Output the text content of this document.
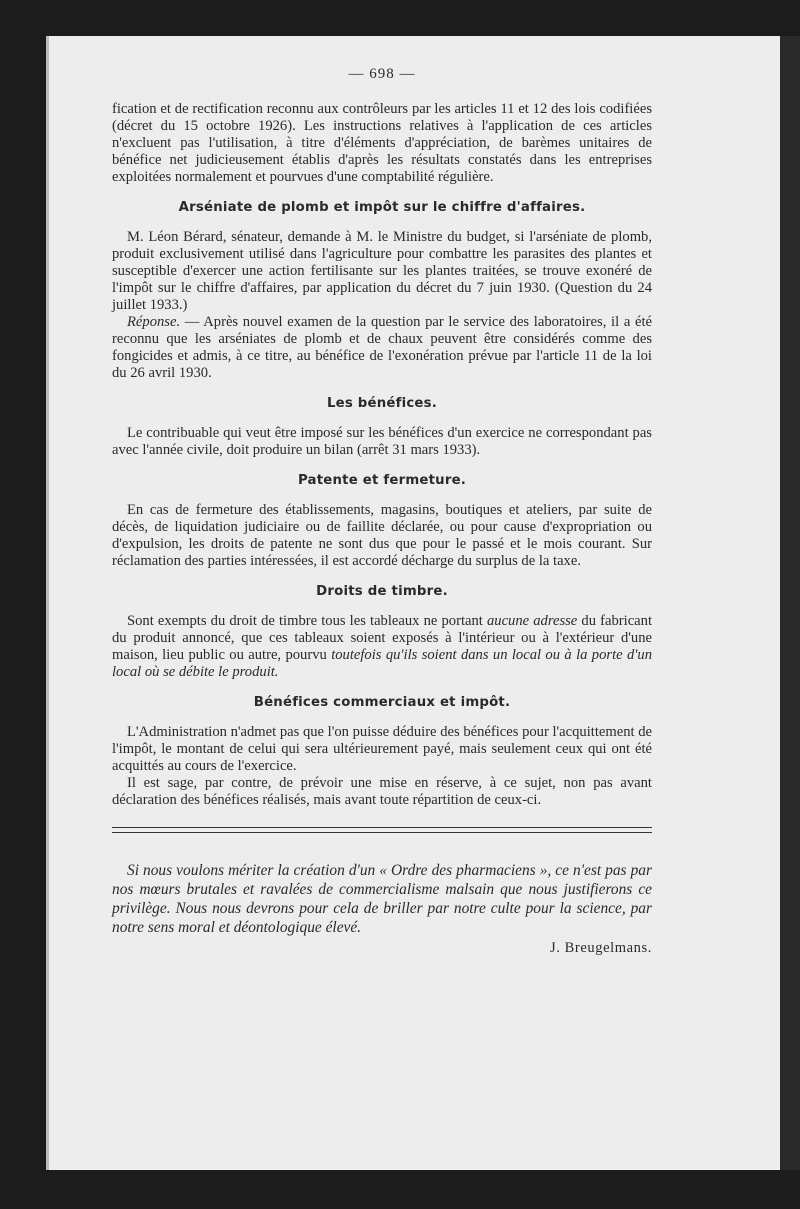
— 698 —

fication et de rectification reconnu aux contrôleurs par les articles 11 et 12 des lois codifiées (décret du 15 octobre 1926). Les instructions relatives à l'application de ces articles n'excluent pas l'utilisation, à titre d'éléments d'appréciation, de barèmes unitaires de bénéfice net judicieusement établis d'après les résultats constatés dans les entreprises exploitées normalement et pourvues d'une comptabilité régulière.

Arséniate de plomb et impôt sur le chiffre d'affaires.

M. Léon Bérard, sénateur, demande à M. le Ministre du budget, si l'arséniate de plomb, produit exclusivement utilisé dans l'agriculture pour combattre les parasites des plantes et susceptible d'exercer une action fertilisante sur les plantes traitées, se trouve exonéré de l'impôt sur le chiffre d'affaires, par application du décret du 7 juin 1930. (Question du 24 juillet 1933.)

Réponse. — Après nouvel examen de la question par le service des laboratoires, il a été reconnu que les arséniates de plomb et de chaux peuvent être considérés comme des fongicides et admis, à ce titre, au bénéfice de l'exonération prévue par l'article 11 de la loi du 26 avril 1930.

Les bénéfices.

Le contribuable qui veut être imposé sur les bénéfices d'un exercice ne correspondant pas avec l'année civile, doit produire un bilan (arrêt 31 mars 1933).

Patente et fermeture.

En cas de fermeture des établissements, magasins, boutiques et ateliers, par suite de décès, de liquidation judiciaire ou de faillite déclarée, ou pour cause d'expropriation ou d'expulsion, les droits de patente ne sont dus que pour le passé et le mois courant. Sur réclamation des parties intéressées, il est accordé décharge du surplus de la taxe.

Droits de timbre.

Sont exempts du droit de timbre tous les tableaux ne portant aucune adresse du fabricant du produit annoncé, que ces tableaux soient exposés à l'intérieur ou à l'extérieur d'une maison, lieu public ou autre, pourvu toutefois qu'ils soient dans un local ou à la porte d'un local où se débite le produit.

Bénéfices commerciaux et impôt.

L'Administration n'admet pas que l'on puisse déduire des bénéfices pour l'acquittement de l'impôt, le montant de celui qui sera ultérieurement payé, mais seulement ceux qui ont été acquittés au cours de l'exercice.

Il est sage, par contre, de prévoir une mise en réserve, à ce sujet, non pas avant déclaration des bénéfices réalisés, mais avant toute répartition de ceux-ci.

Si nous voulons mériter la création d'un « Ordre des pharmaciens », ce n'est pas par nos mœurs brutales et ravalées de commercialisme malsain que nous justifierons ce privilège. Nous nous devrons pour cela de briller par notre culte pour la science, par notre sens moral et déontologique élevé.

J. Breugelmans.
